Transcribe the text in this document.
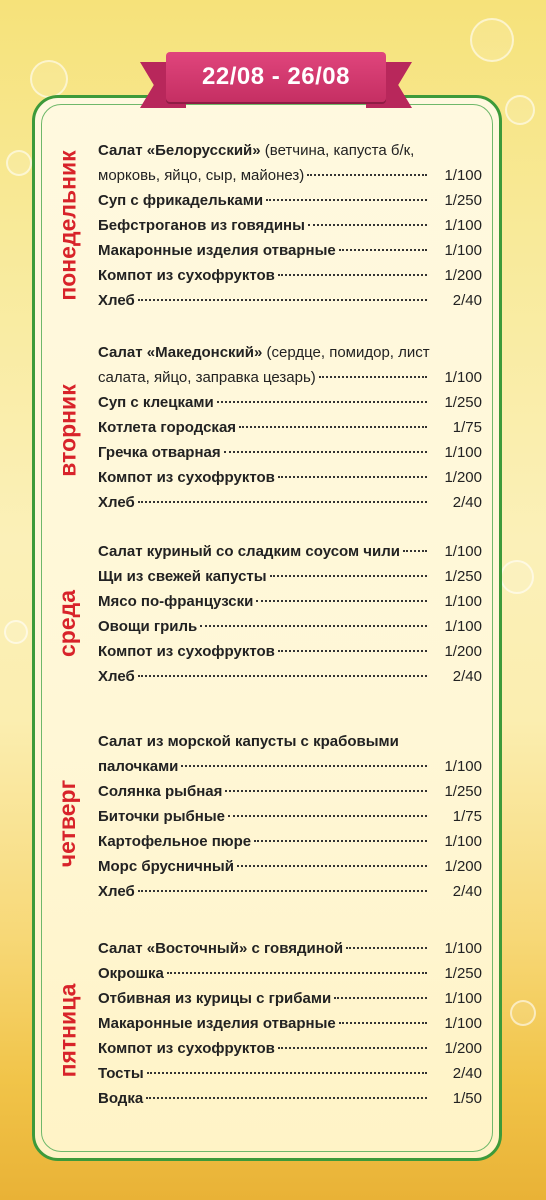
22/08 - 26/08
понедельник Салат «Белорусский» (ветчина, капуста б/к,
морковь, яйцо, сыр, майонез)	1/100
Суп с фрикадельками	1/250
Бефстроганов из говядины	1/100
Макаронные изделия отварные	1/100
Компот из сухофруктов	1/200
Хлеб	2/40
вторник
Салат «Македонский» (сердце, помидор, лист
салата, яйцо, заправка цезарь)	1/100
Суп с клецками	1/250
Котлета городская	1/75
Гречка отварная	1/100
Компот из сухофруктов	1/200
Хлеб	2/40
среда
Салат куриный со сладким соусом чили	1/100
Щи из свежей капусты	1/250
Мясо по-французски	1/100
Овощи гриль	1/100
Компот из сухофруктов	1/200
Хлеб	2/40
четверг
Салат из морской капусты с крабовыми
палочками	1/100
Солянка рыбная	1/250
Биточки рыбные	1/75
Картофельное пюре	1/100
Морс брусничный	1/200
Хлеб	2/40
пятница
Салат «Восточный» с говядиной	1/100
Окрошка	1/250
Отбивная из курицы с грибами	1/100
Макаронные изделия отварные	1/100
Компот из сухофруктов	1/200
Тосты	2/40
Водка	1/50
